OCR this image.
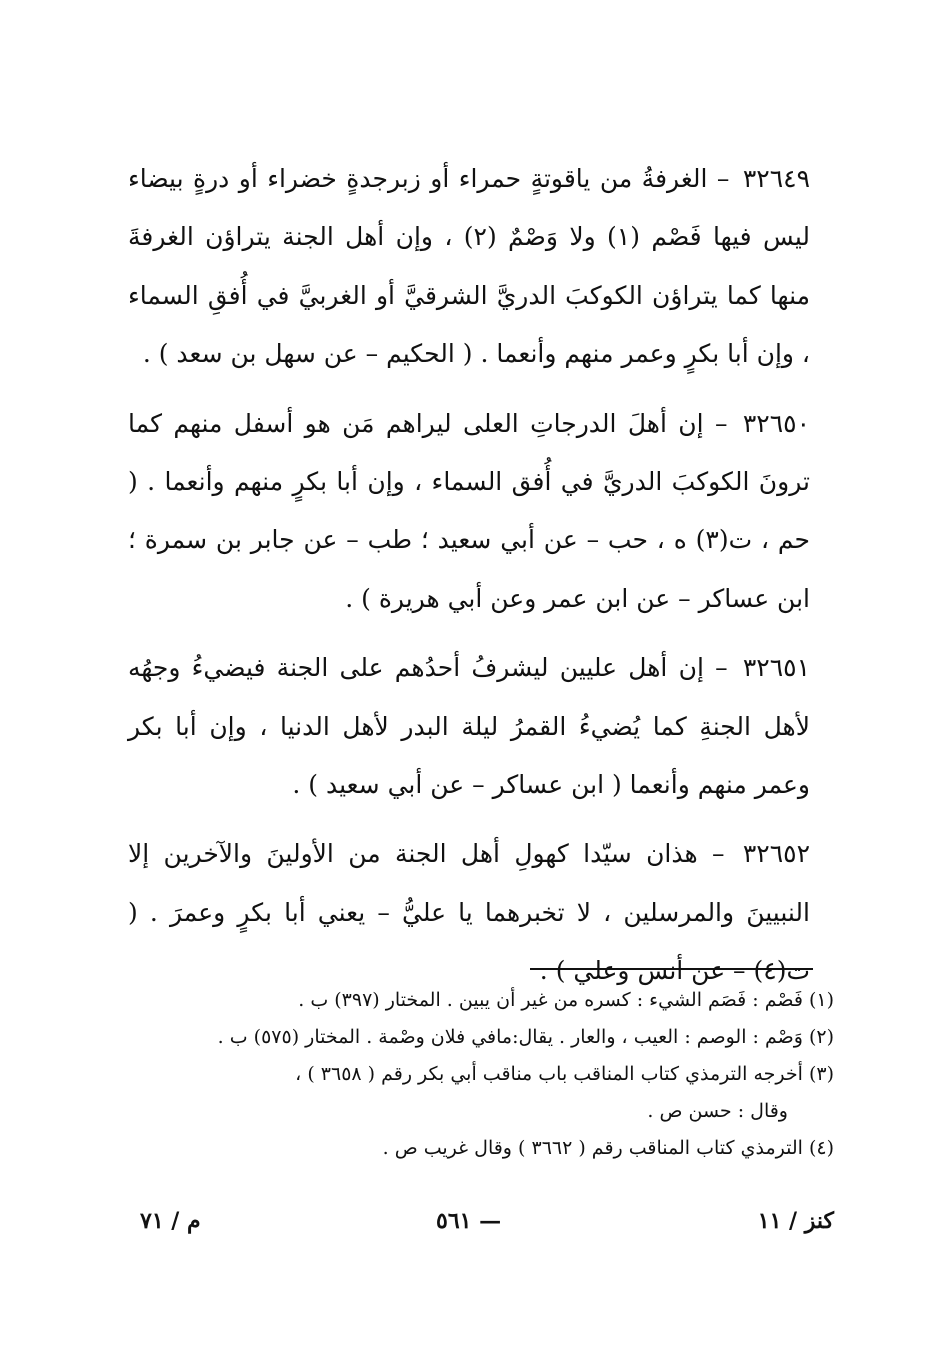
٣٢٦٤٩ – الغرفةُ من ياقوتةٍ حمراء أو زبرجدةٍ خضراء أو درةٍ بيضاء ليس فيها فَصْم (١) ولا وَصْمٌ (٢) ، وإن أهل الجنة يتراؤن الغرفةَ منها كما يتراؤن الكوكبَ الدريَّ الشرقيَّ أو الغربيَّ في أُفقِ السماء ، وإن أبا بكرٍ وعمر منهم وأنعما . ( الحكيم – عن سهل بن سعد ) .

٣٢٦٥٠ – إن أهلَ الدرجاتِ العلى ليراهم مَن هو أسفل منهم كما ترونَ الكوكبَ الدريَّ في أُفق السماء ، وإن أبا بكرٍ منهم وأنعما . ( حم ، ت(٣) ه ، حب – عن أبي سعيد ؛ طب – عن جابر بن سمرة ؛ ابن عساكر – عن ابن عمر وعن أبي هريرة ) .

٣٢٦٥١ – إن أهل عليين ليشرفُ أحدُهم على الجنة فيضيءُ وجهُه لأهل الجنةِ كما يُضيءُ القمرُ ليلة البدر لأهل الدنيا ، وإن أبا بكر وعمر منهم وأنعما ( ابن عساكر – عن أبي سعيد ) .

٣٢٦٥٢ – هذان سيّدا كهولِ أهل الجنة من الأولينَ والآخرين إلا النبيينَ والمرسلين ، لا تخبرهما يا عليُّ – يعني أبا بكرٍ وعمرَ . ( ت(٤) – عن أنس وعلي ) .

(١) فَصْم : فَصَم الشيء : كسره من غير أن يبين . المختار (٣٩٧) ب .

(٢) وَصْم : الوصم : العيب ، والعار . يقال:مافي فلان وصْمة . المختار (٥٧٥) ب .

(٣) أخرجه الترمذي كتاب المناقب باب مناقب أبي بكر رقم ( ٣٦٥٨ ) ،

وقال : حسن ص .

(٤) الترمذي كتاب المناقب رقم ( ٣٦٦٢ ) وقال غريب ص .

م / ٧١	— ٥٦١	كنز / ١١
